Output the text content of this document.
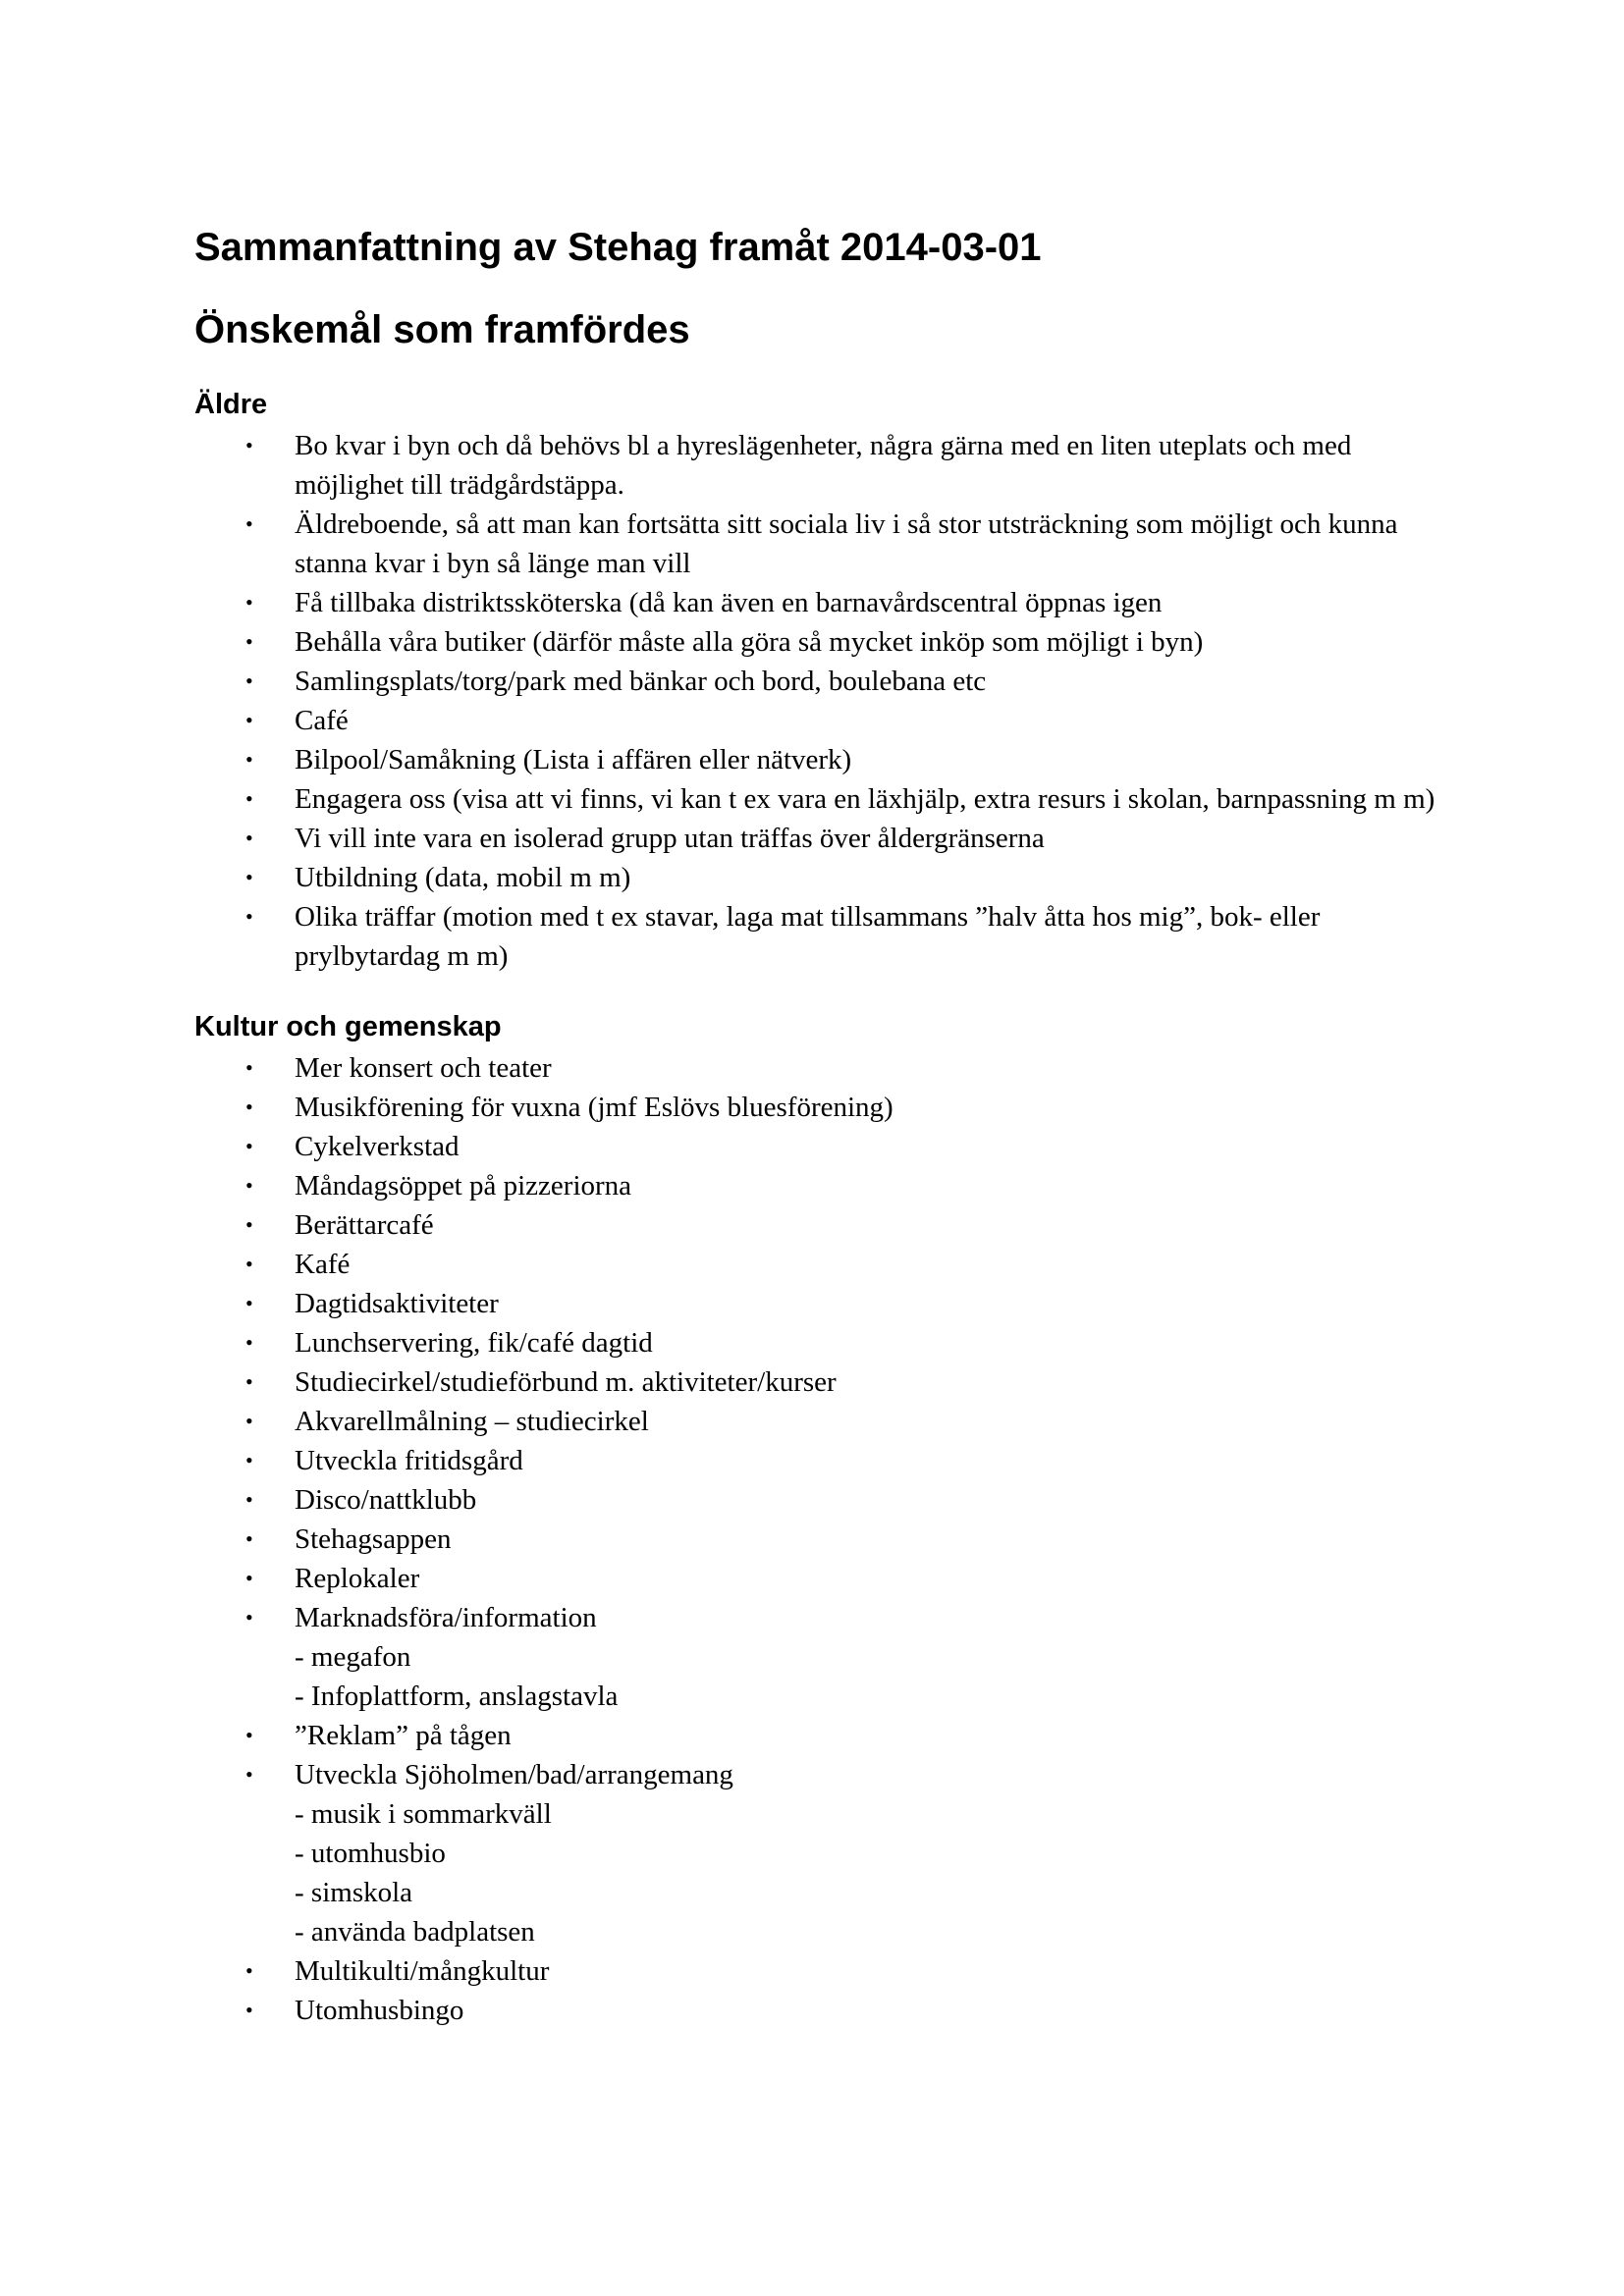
Sammanfattning av Stehag framåt 2014-03-01
Önskemål som framfördes
Äldre
• Bo kvar i byn och då behövs bl a hyreslägenheter, några gärna med en liten uteplats och med möjlighet till trädgårdstäppa.
• Äldreboende, så att man kan fortsätta sitt sociala liv i så stor utsträckning som möjligt och kunna stanna kvar i byn så länge man vill
• Få tillbaka distriktssköterska (då kan även en barnavårdscentral öppnas igen
• Behålla våra butiker (därför måste alla göra så mycket inköp som möjligt i byn)
• Samlingsplats/torg/park med bänkar och bord, boulebana etc
• Café
• Bilpool/Samåkning (Lista i affären eller nätverk)
• Engagera oss (visa att vi finns, vi kan t ex vara en läxhjälp, extra resurs i skolan, barnpassning m m)
• Vi vill inte vara en isolerad grupp utan träffas över åldergränserna
• Utbildning (data, mobil m m)
• Olika träffar (motion med t ex stavar, laga mat tillsammans ”halv åtta hos mig”, bok- eller prylbytardag m m)
Kultur och gemenskap
• Mer konsert och teater
• Musikförening för vuxna (jmf Eslövs bluesförening)
• Cykelverkstad
• Måndagsöppet på pizzeriorna
• Berättarcafé
• Kafé
• Dagtidsaktiviteter
• Lunchservering, fik/café dagtid
• Studiecirkel/studieförbund m. aktiviteter/kurser
• Akvarellmålning – studiecirkel
• Utveckla fritidsgård
• Disco/nattklubb
• Stehagsappen
• Replokaler
• Marknadsföra/information
- megafon
- Infoplattform, anslagstavla
• ”Reklam” på tågen
• Utveckla Sjöholmen/bad/arrangemang
- musik i sommarkväll
- utomhusbio
- simskola
- använda badplatsen
• Multikulti/mångkultur
• Utomhusbingo
